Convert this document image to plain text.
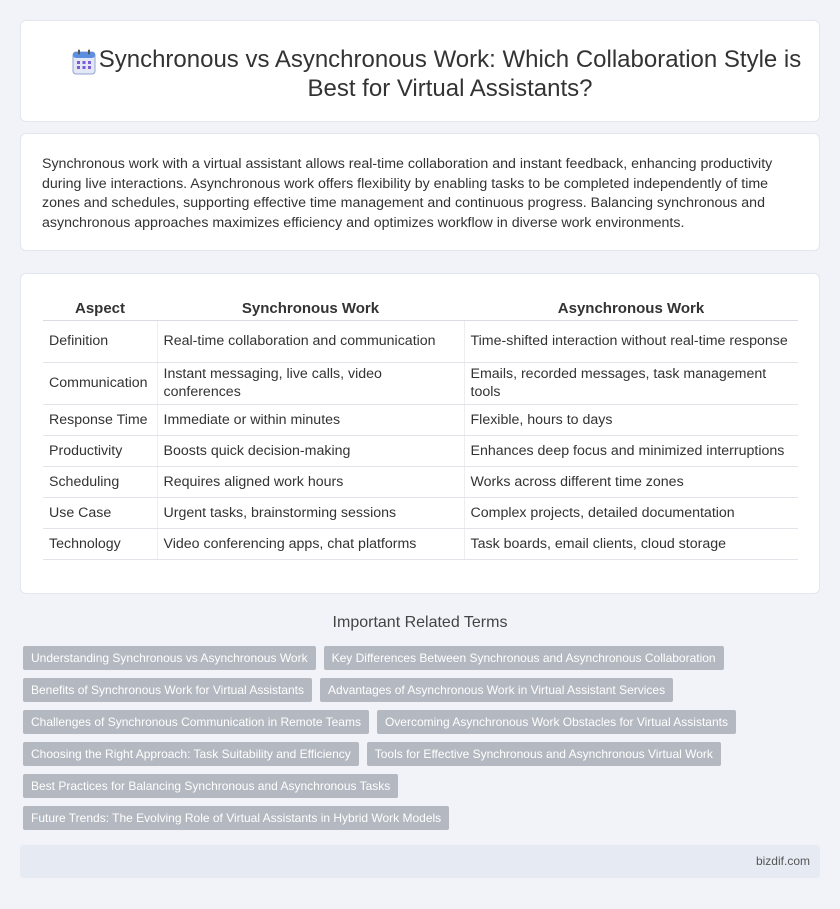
Synchronous vs Asynchronous Work: Which Collaboration Style is Best for Virtual Assistants?

Synchronous work with a virtual assistant allows real-time collaboration and instant feedback, enhancing productivity during live interactions. Asynchronous work offers flexibility by enabling tasks to be completed independently of time zones and schedules, supporting effective time management and continuous progress. Balancing synchronous and asynchronous approaches maximizes efficiency and optimizes workflow in diverse work environments.

Aspect	Synchronous Work	Asynchronous Work
Definition	Real-time collaboration and communication	Time-shifted interaction without real-time response
Communication	Instant messaging, live calls, video conferences	Emails, recorded messages, task management tools
Response Time	Immediate or within minutes	Flexible, hours to days
Productivity	Boosts quick decision-making	Enhances deep focus and minimized interruptions
Scheduling	Requires aligned work hours	Works across different time zones
Use Case	Urgent tasks, brainstorming sessions	Complex projects, detailed documentation
Technology	Video conferencing apps, chat platforms	Task boards, email clients, cloud storage
Important Related Terms
Understanding Synchronous vs Asynchronous Work	Key Differences Between Synchronous and Asynchronous Collaboration
Benefits of Synchronous Work for Virtual Assistants	Advantages of Asynchronous Work in Virtual Assistant Services
Challenges of Synchronous Communication in Remote Teams	Overcoming Asynchronous Work Obstacles for Virtual Assistants
Choosing the Right Approach: Task Suitability and Efficiency	Tools for Effective Synchronous and Asynchronous Virtual Work
Best Practices for Balancing Synchronous and Asynchronous Tasks
Future Trends: The Evolving Role of Virtual Assistants in Hybrid Work Models
bizdif.com
